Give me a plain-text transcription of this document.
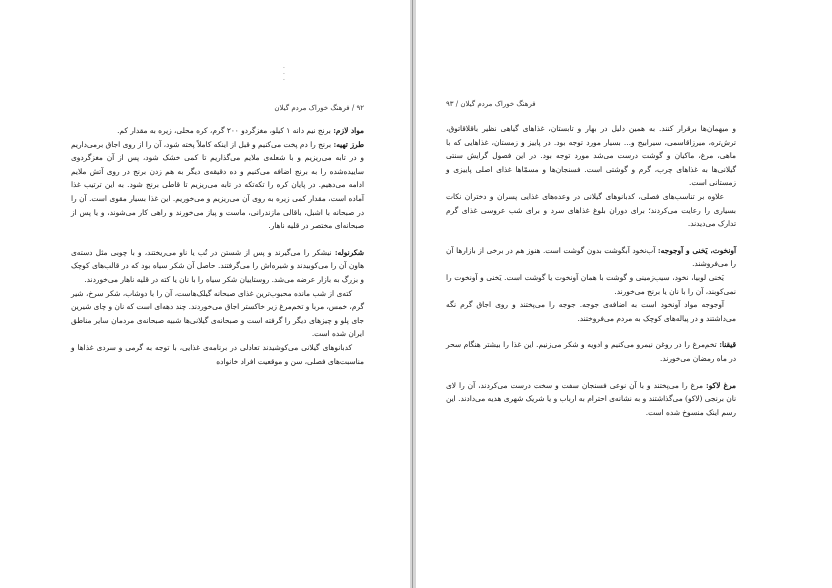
·
·
·
۹۲ / فرهنگ خوراک مردم گیلان

مواد لازم: برنج نیم دانه ۱ کیلو، مغزگردو ۲۰۰ گرم، کره محلی، زیره به مقدار کم.

طرز تهیه: برنج را دم پخت می‌کنیم و قبل از اینکه کاملاً پخته شود، آن را از روی اجاق برمی‌داریم و در تابه می‌ریزیم و با شعله‌ی ملایم می‌گذاریم تا کمی خشک شود، پس از آن مغزگردوی ساییده‌شده را به برنج اضافه می‌کنیم و ده دقیقه‌ی دیگر به هم زدن برنج در روی آتش ملایم ادامه می‌دهیم. در پایان کره را تکه‌تکه در تابه می‌ریزیم تا قاطی برنج شود. به این ترتیب غذا آماده است، مقدار کمی زیره به روی آن می‌ریزیم و می‌خوریم. این غذا بسیار مقوی است. آن را در صبحانه با اشبل، باقالی مازندرانی، ماست و پیاز می‌خورند و راهی کار می‌شوند، و یا پس از صبحانه‌ای مختصر در قلیه ناهار.

شکرنوله: نیشکر را می‌گیرند و پس از شستن در تُب یا ناو می‌ریختند، و با چوبی مثل دسته‌ی هاون آن را می‌کوبیدند و شیره‌اش را می‌گرفتند. حاصل آن شکر سیاه بود که در قالب‌های کوچک و بزرگ به بازار عرضه می‌شد. روستاییان شکر سیاه را با نان یا کته در قلیه ناهار می‌خوردند.

کته‌ی از شب مانده محبوب‌ترین غذای صبحانه گیلک‌هاست، آن را با دوشاب، شکر سرخ، شیر گرم، خمس، مربا و تخم‌مرغ زیر خاکستر اجاق می‌خوردند. چند دهه‌ای است که نان و چای شیرین جای پلو و چیزهای دیگر را گرفته است و صبحانه‌ی گیلانی‌ها شبیه صبحانه‌ی مردمان سایر مناطق ایران شده است.

کدبانوهای گیلانی می‌کوشیدند تعادلی در برنامه‌ی غذایی، با توجه به گرمی و سردی غذاها و مناسبت‌های فصلی، سن و موقعیت افراد خانواده

فرهنگ خوراک مردم گیلان / ۹۳

و میهمان‌ها برقرار کنند. به همین دلیل در بهار و تابستان، غذاهای گیاهی نظیر باقلاقاتوق، ترش‌تره، میرزاقاسمی، سیرابیج و... بسیار مورد توجه بود. در پاییز و زمستان، غذاهایی که با ماهی، مرغ، ماکیان و گوشت درست می‌شد مورد توجه بود. در این فصول گرایش سنتی گیلانی‌ها به غذاهای چرب، گرم و گوشتی است. فسنجان‌ها و مسمّاها غذای اصلی پاییزی و زمستانی است.

علاوه بر تناسب‌های فصلی، کدبانوهای گیلانی در وعده‌های غذایی پسران و دختران نکات بسیاری را رعایت می‌کردند؛ برای دوران بلوغ غذاهای سرد و برای شب عروسی غذای گرم تدارک می‌دیدند.

آونخوت، یَخنی و آوجوجه: آب‌نخود آبگوشت بدون گوشت است. هنوز هم در برخی از بازارها آن را می‌فروشند.

یَخنی لوبیا، نخود، سیب‌زمینی و گوشت با همان آونخوت یا گوشت است. یَخنی و آونخوت را نمی‌کوبند، آن را با نان یا برنج می‌خورند.

آوجوجه مواد آونخود است به اضافه‌ی جوجه. جوجه را می‌پختند و روی اجاق گرم نگه می‌داشتند و در پیاله‌های کوچک به مردم می‌فروختند.

قیقنا: تخم‌مرغ را در روغن نیمرو می‌کنیم و ادویه و شکر می‌زنیم. این غذا را بیشتر هنگام سحر در ماه رمضان می‌خورند.

مرغ لاکو: مرغ را می‌پختند و با آن نوعی فسنجان سفت و سخت درست می‌کردند، آن را لای نان برنجی (لاکو) می‌گذاشتند و به نشانه‌ی احترام به ارباب و یا شریک شهری هدیه می‌دادند. این رسم اینک منسوخ شده است.
